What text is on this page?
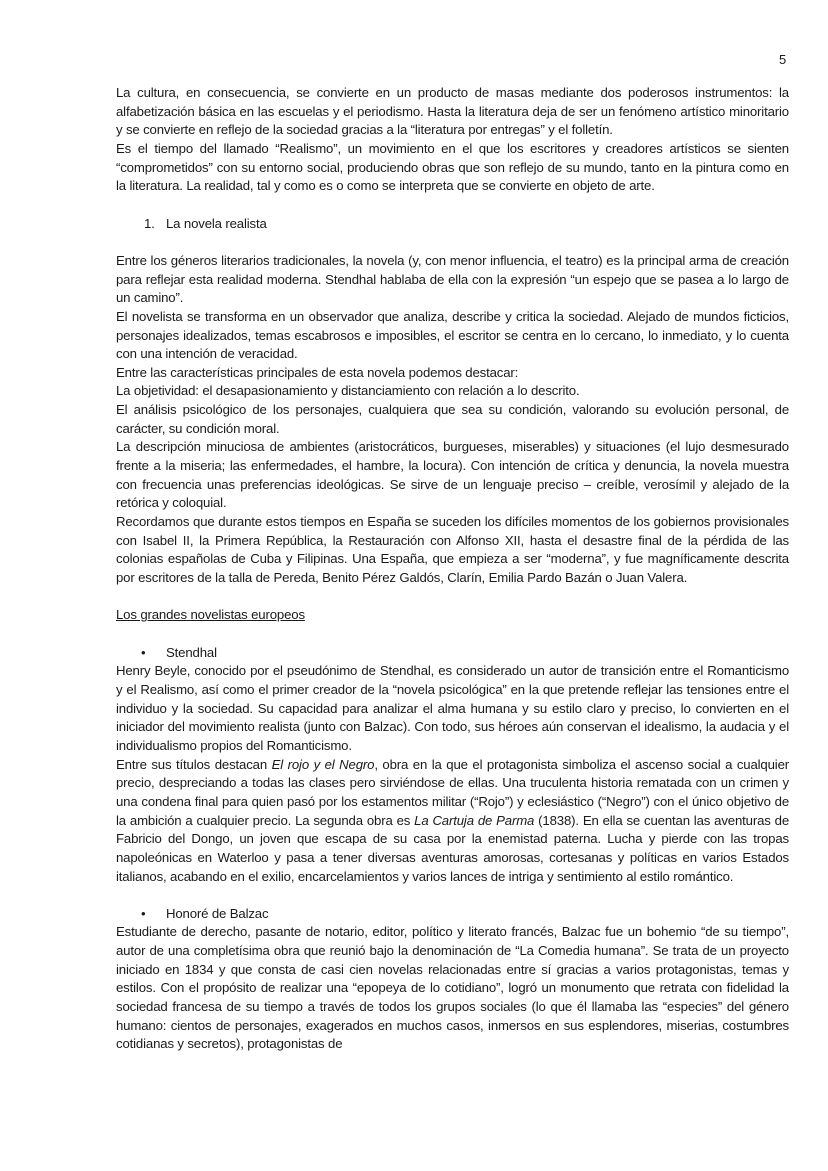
5

La cultura, en consecuencia, se convierte en un producto de masas mediante dos poderosos instrumentos: la alfabetización básica en las escuelas y el periodismo. Hasta la literatura deja de ser un fenómeno artístico minoritario y se convierte en reflejo de la sociedad gracias a la “literatura por entregas” y el folletín.

Es el tiempo del llamado “Realismo”, un movimiento en el que los escritores y creadores artísticos se sienten “comprometidos” con su entorno social, produciendo obras que son reflejo de su mundo, tanto en la pintura como en la literatura. La realidad, tal y como es o como se interpreta que se convierte en objeto de arte.

1. La novela realista

Entre los géneros literarios tradicionales, la novela (y, con menor influencia, el teatro) es la principal arma de creación para reflejar esta realidad moderna. Stendhal hablaba de ella con la expresión “un espejo que se pasea a lo largo de un camino”.

El novelista se transforma en un observador que analiza, describe y critica la sociedad. Alejado de mundos ficticios, personajes idealizados, temas escabrosos e imposibles, el escritor se centra en lo cercano, lo inmediato, y lo cuenta con una intención de veracidad.

Entre las características principales de esta novela podemos destacar:

La objetividad: el desapasionamiento y distanciamiento con relación a lo descrito.

El análisis psicológico de los personajes, cualquiera que sea su condición, valorando su evolución personal, de carácter, su condición moral.

La descripción minuciosa de ambientes (aristocráticos, burgueses, miserables) y situaciones (el lujo desmesurado frente a la miseria; las enfermedades, el hambre, la locura). Con intención de crítica y denuncia, la novela muestra con frecuencia unas preferencias ideológicas. Se sirve de un lenguaje preciso – creíble, verosímil y alejado de la retórica y coloquial.

Recordamos que durante estos tiempos en España se suceden los difíciles momentos de los gobiernos provisionales con Isabel II, la Primera República, la Restauración con Alfonso XII, hasta el desastre final de la pérdida de las colonias españolas de Cuba y Filipinas. Una España, que empieza a ser “moderna”, y fue magníficamente descrita por escritores de la talla de Pereda, Benito Pérez Galdós, Clarín, Emilia Pardo Bazán o Juan Valera.

Los grandes novelistas europeos

• Stendhal

Henry Beyle, conocido por el pseudónimo de Stendhal, es considerado un autor de transición entre el Romanticismo y el Realismo, así como el primer creador de la “novela psicológica” en la que pretende reflejar las tensiones entre el individuo y la sociedad. Su capacidad para analizar el alma humana y su estilo claro y preciso, lo convierten en el iniciador del movimiento realista (junto con Balzac). Con todo, sus héroes aún conservan el idealismo, la audacia y el individualismo propios del Romanticismo.

Entre sus títulos destacan El rojo y el Negro, obra en la que el protagonista simboliza el ascenso social a cualquier precio, despreciando a todas las clases pero sirviéndose de ellas. Una truculenta historia rematada con un crimen y una condena final para quien pasó por los estamentos militar (“Rojo”) y eclesiástico (“Negro”) con el único objetivo de la ambición a cualquier precio. La segunda obra es La Cartuja de Parma (1838). En ella se cuentan las aventuras de Fabricio del Dongo, un joven que escapa de su casa por la enemistad paterna. Lucha y pierde con las tropas napoleónicas en Waterloo y pasa a tener diversas aventuras amorosas, cortesanas y políticas en varios Estados italianos, acabando en el exilio, encarcelamientos y varios lances de intriga y sentimiento al estilo romántico.

• Honoré de Balzac

Estudiante de derecho, pasante de notario, editor, político y literato francés, Balzac fue un bohemio “de su tiempo”, autor de una completísima obra que reunió bajo la denominación de “La Comedia humana”. Se trata de un proyecto iniciado en 1834 y que consta de casi cien novelas relacionadas entre sí gracias a varios protagonistas, temas y estilos. Con el propósito de realizar una “epopeya de lo cotidiano”, logró un monumento que retrata con fidelidad la sociedad francesa de su tiempo a través de todos los grupos sociales (lo que él llamaba las “especies” del género humano: cientos de personajes, exagerados en muchos casos, inmersos en sus esplendores, miserias, costumbres cotidianas y secretos), protagonistas de
